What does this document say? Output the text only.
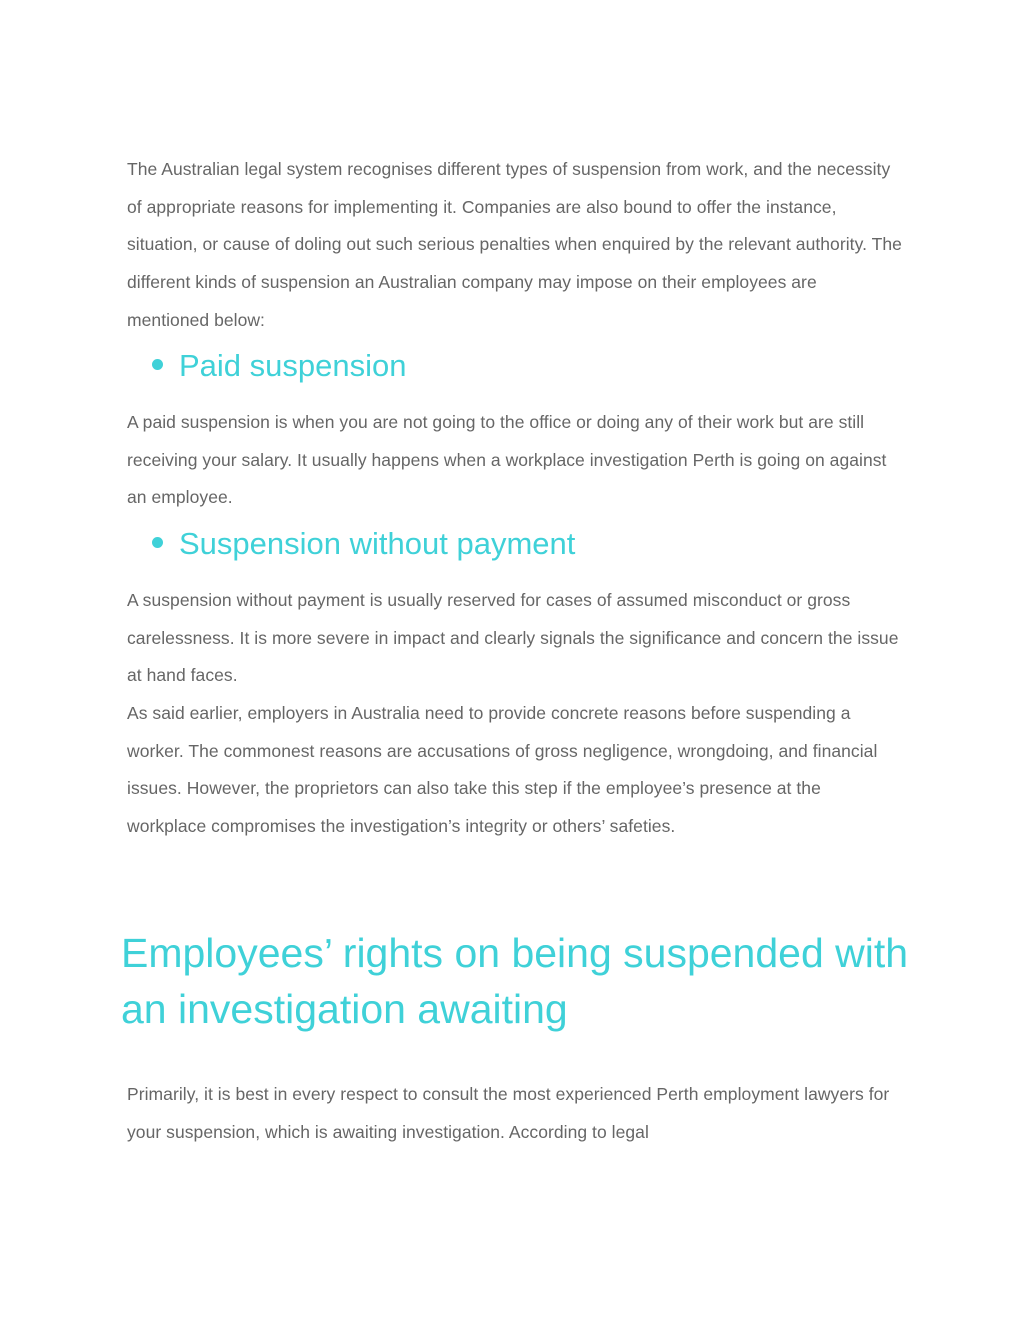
The Australian legal system recognises different types of suspension from work, and the necessity of appropriate reasons for implementing it. Companies are also bound to offer the instance, situation, or cause of doling out such serious penalties when enquired by the relevant authority. The different kinds of suspension an Australian company may impose on their employees are mentioned below:

Paid suspension

A paid suspension is when you are not going to the office or doing any of their work but are still receiving your salary. It usually happens when a workplace investigation Perth is going on against an employee.

Suspension without payment

A suspension without payment is usually reserved for cases of assumed misconduct or gross carelessness. It is more severe in impact and clearly signals the significance and concern the issue at hand faces.

As said earlier, employers in Australia need to provide concrete reasons before suspending a worker. The commonest reasons are accusations of gross negligence, wrongdoing, and financial issues. However, the proprietors can also take this step if the employee’s presence at the workplace compromises the investigation’s integrity or others’ safeties.

Employees’ rights on being suspended with an investigation awaiting

Primarily, it is best in every respect to consult the most experienced Perth employment lawyers for your suspension, which is awaiting investigation. According to legal
